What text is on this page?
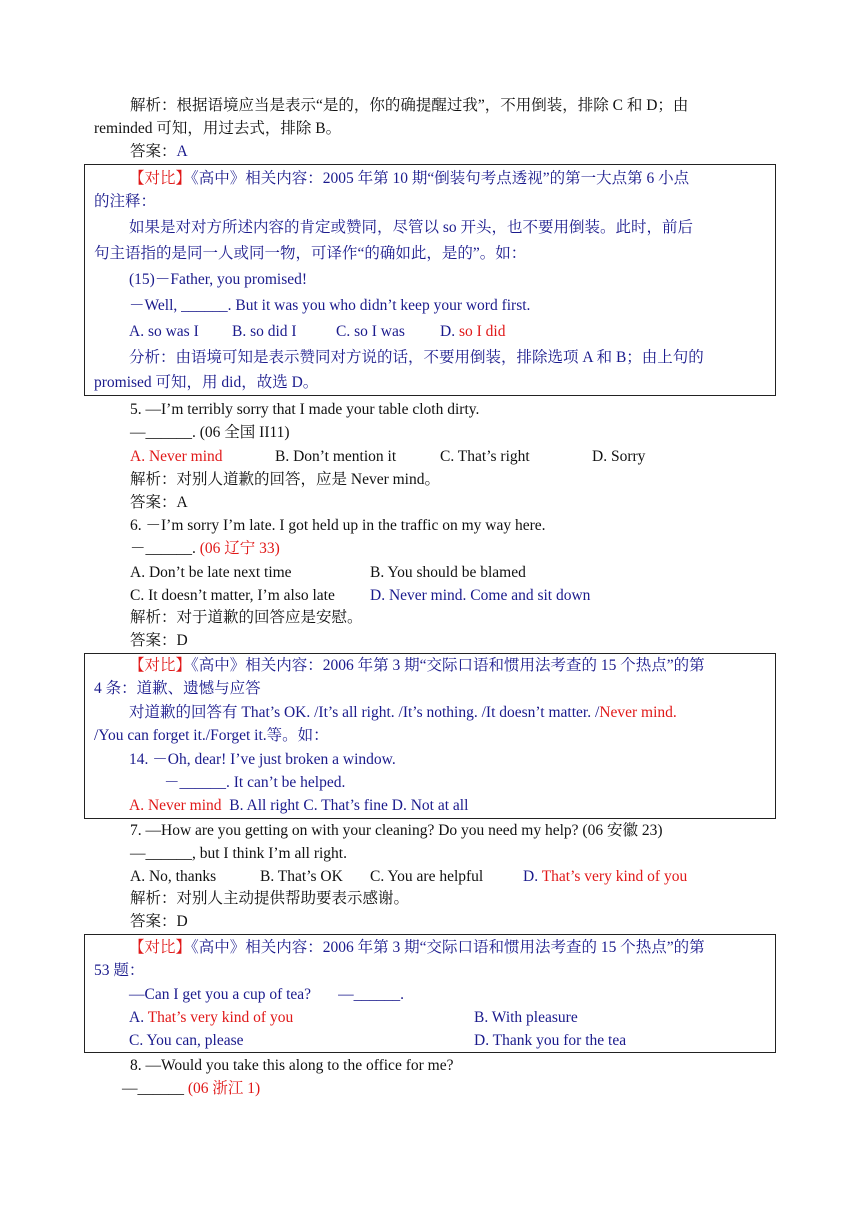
解析：根据语境应当是表示“是的，你的确提醒过我”，不用倒装，排除 C 和 D；由
reminded 可知，用过去式，排除 B。
答案：A
【对比】《高中》相关内容：2005 年第 10 期“倒装句考点透视”的第一大点第 6 小点
的注释：
如果是对对方所述内容的肯定或赞同，尽管以 so 开头，也不要用倒装。此时，前后
句主语指的是同一人或同一物，可译作“的确如此，是的”。如：
(15)－Father, you promised!
－Well, ______. But it was you who didn’t keep your word first.
A. so was I B. so did I	C. so I was D. so I did
分析：由语境可知是表示赞同对方说的话，不要用倒装，排除选项 A 和 B；由上句的
promised 可知，用 did，故选 D。
5. —I’m terribly sorry that I made your table cloth dirty.
—______. (06 全国 II11)
A. Never mind	B. Don’t mention it	C. That’s right	D. Sorry
解析：对别人道歉的回答，应是 Never mind。
答案：A
6. －I’m sorry I’m late. I got held up in the traffic on my way here.
－______. (06 辽宁 33)
A. Don’t be late next time	B. You should be blamed
C. It doesn’t matter, I’m also late D. Never mind. Come and sit down
解析：对于道歉的回答应是安慰。
答案：D
【对比】《高中》相关内容：2006 年第 3 期“交际口语和惯用法考查的 15 个热点”的第
4 条：道歉、遗憾与应答
对道歉的回答有 That’s OK. /It’s all right. /It’s nothing. /It doesn’t matter. /Never mind.
/You can forget it./Forget it.等。如：
14. －Oh, dear! I’ve just broken a window.
－______. It can’t be helped.
A. Never mind B. All right C. That’s fine D. Not at all
7. —How are you getting on with your cleaning? Do you need my help? (06 安徽 23)
—______, but I think I’m all right.
A. No, thanks	B. That’s OK C. You are helpful	D. That’s very kind of you
解析：对别人主动提供帮助要表示感谢。
答案：D
【对比】《高中》相关内容：2006 年第 3 期“交际口语和惯用法考查的 15 个热点”的第
53 题：
—Can I get you a cup of tea?       —______.
A. That’s very kind of you	B. With pleasure
C. You can, please	D. Thank you for the tea
8. —Would you take this along to the office for me?
—______ (06 浙江 1)
